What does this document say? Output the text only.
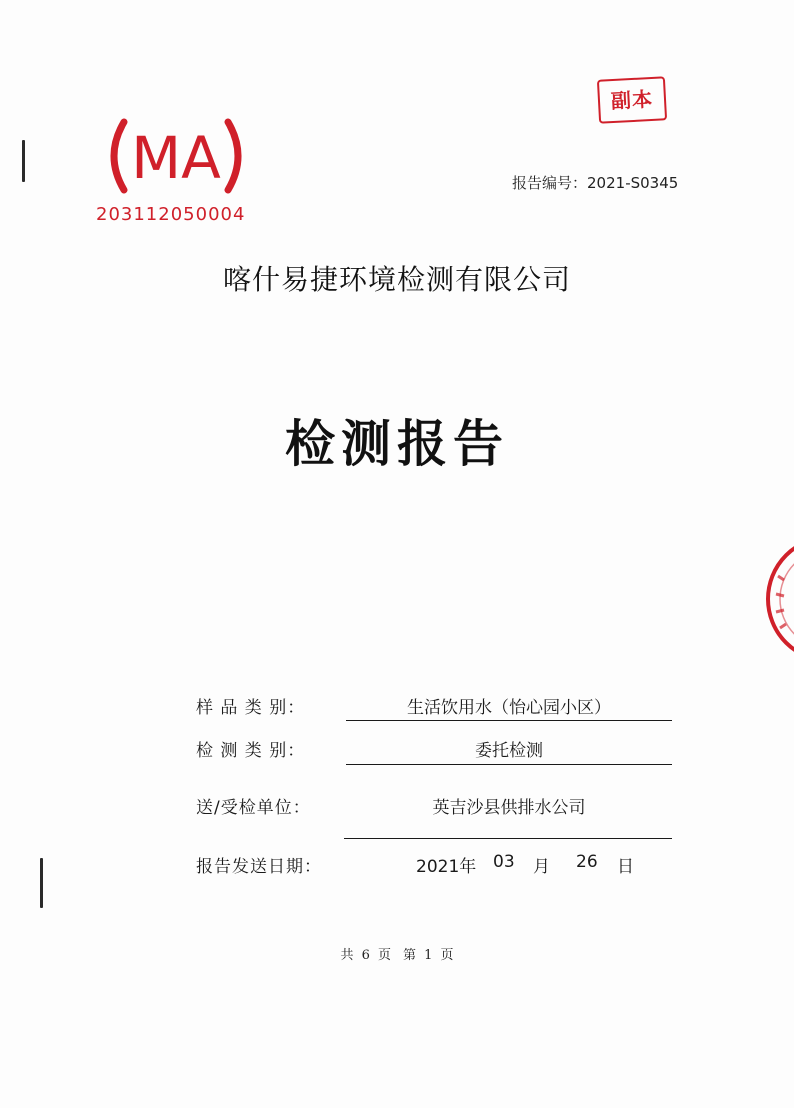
副本
MA
203112050004
报告编号：2021-S0345
喀什易捷环境检测有限公司
检测报告
样 品 类 别：	生活饮用水（怡心园小区）
检 测 类 别：	委托检测
送/受检单位：	英吉沙县供排水公司
报告发送日期：	2021年 03 月 26 日
共 6 页 第 1 页
